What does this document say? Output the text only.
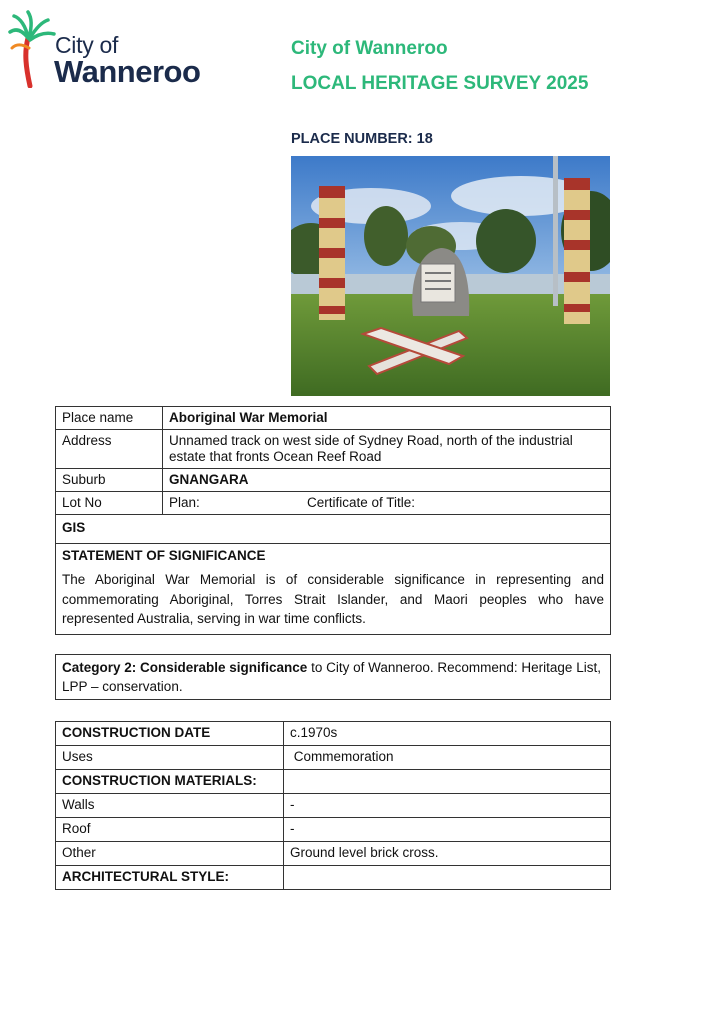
City of
Wanneroo
City of Wanneroo
LOCAL HERITAGE SURVEY 2025
PLACE NUMBER: 18
Place name	Aboriginal War Memorial
Address	Unnamed track on west side of Sydney Road, north of the industrial estate that fronts Ocean Reef Road
Suburb	GNANGARA
Lot No	Plan: Certificate of Title:
GIS	

STATEMENT OF SIGNIFICANCE
The Aboriginal War Memorial is of considerable significance in representing and commemorating Aboriginal, Torres Strait Islander, and Maori peoples who have represented Australia, serving in war time conflicts.	
Category 2: Considerable significance to City of Wanneroo. Recommend: Heritage List, LPP – conservation.
CONSTRUCTION DATE	c.1970s
Uses	Commemoration
CONSTRUCTION MATERIALS:	
Walls	-
Roof	-
Other	Ground level brick cross.
ARCHITECTURAL STYLE:	
